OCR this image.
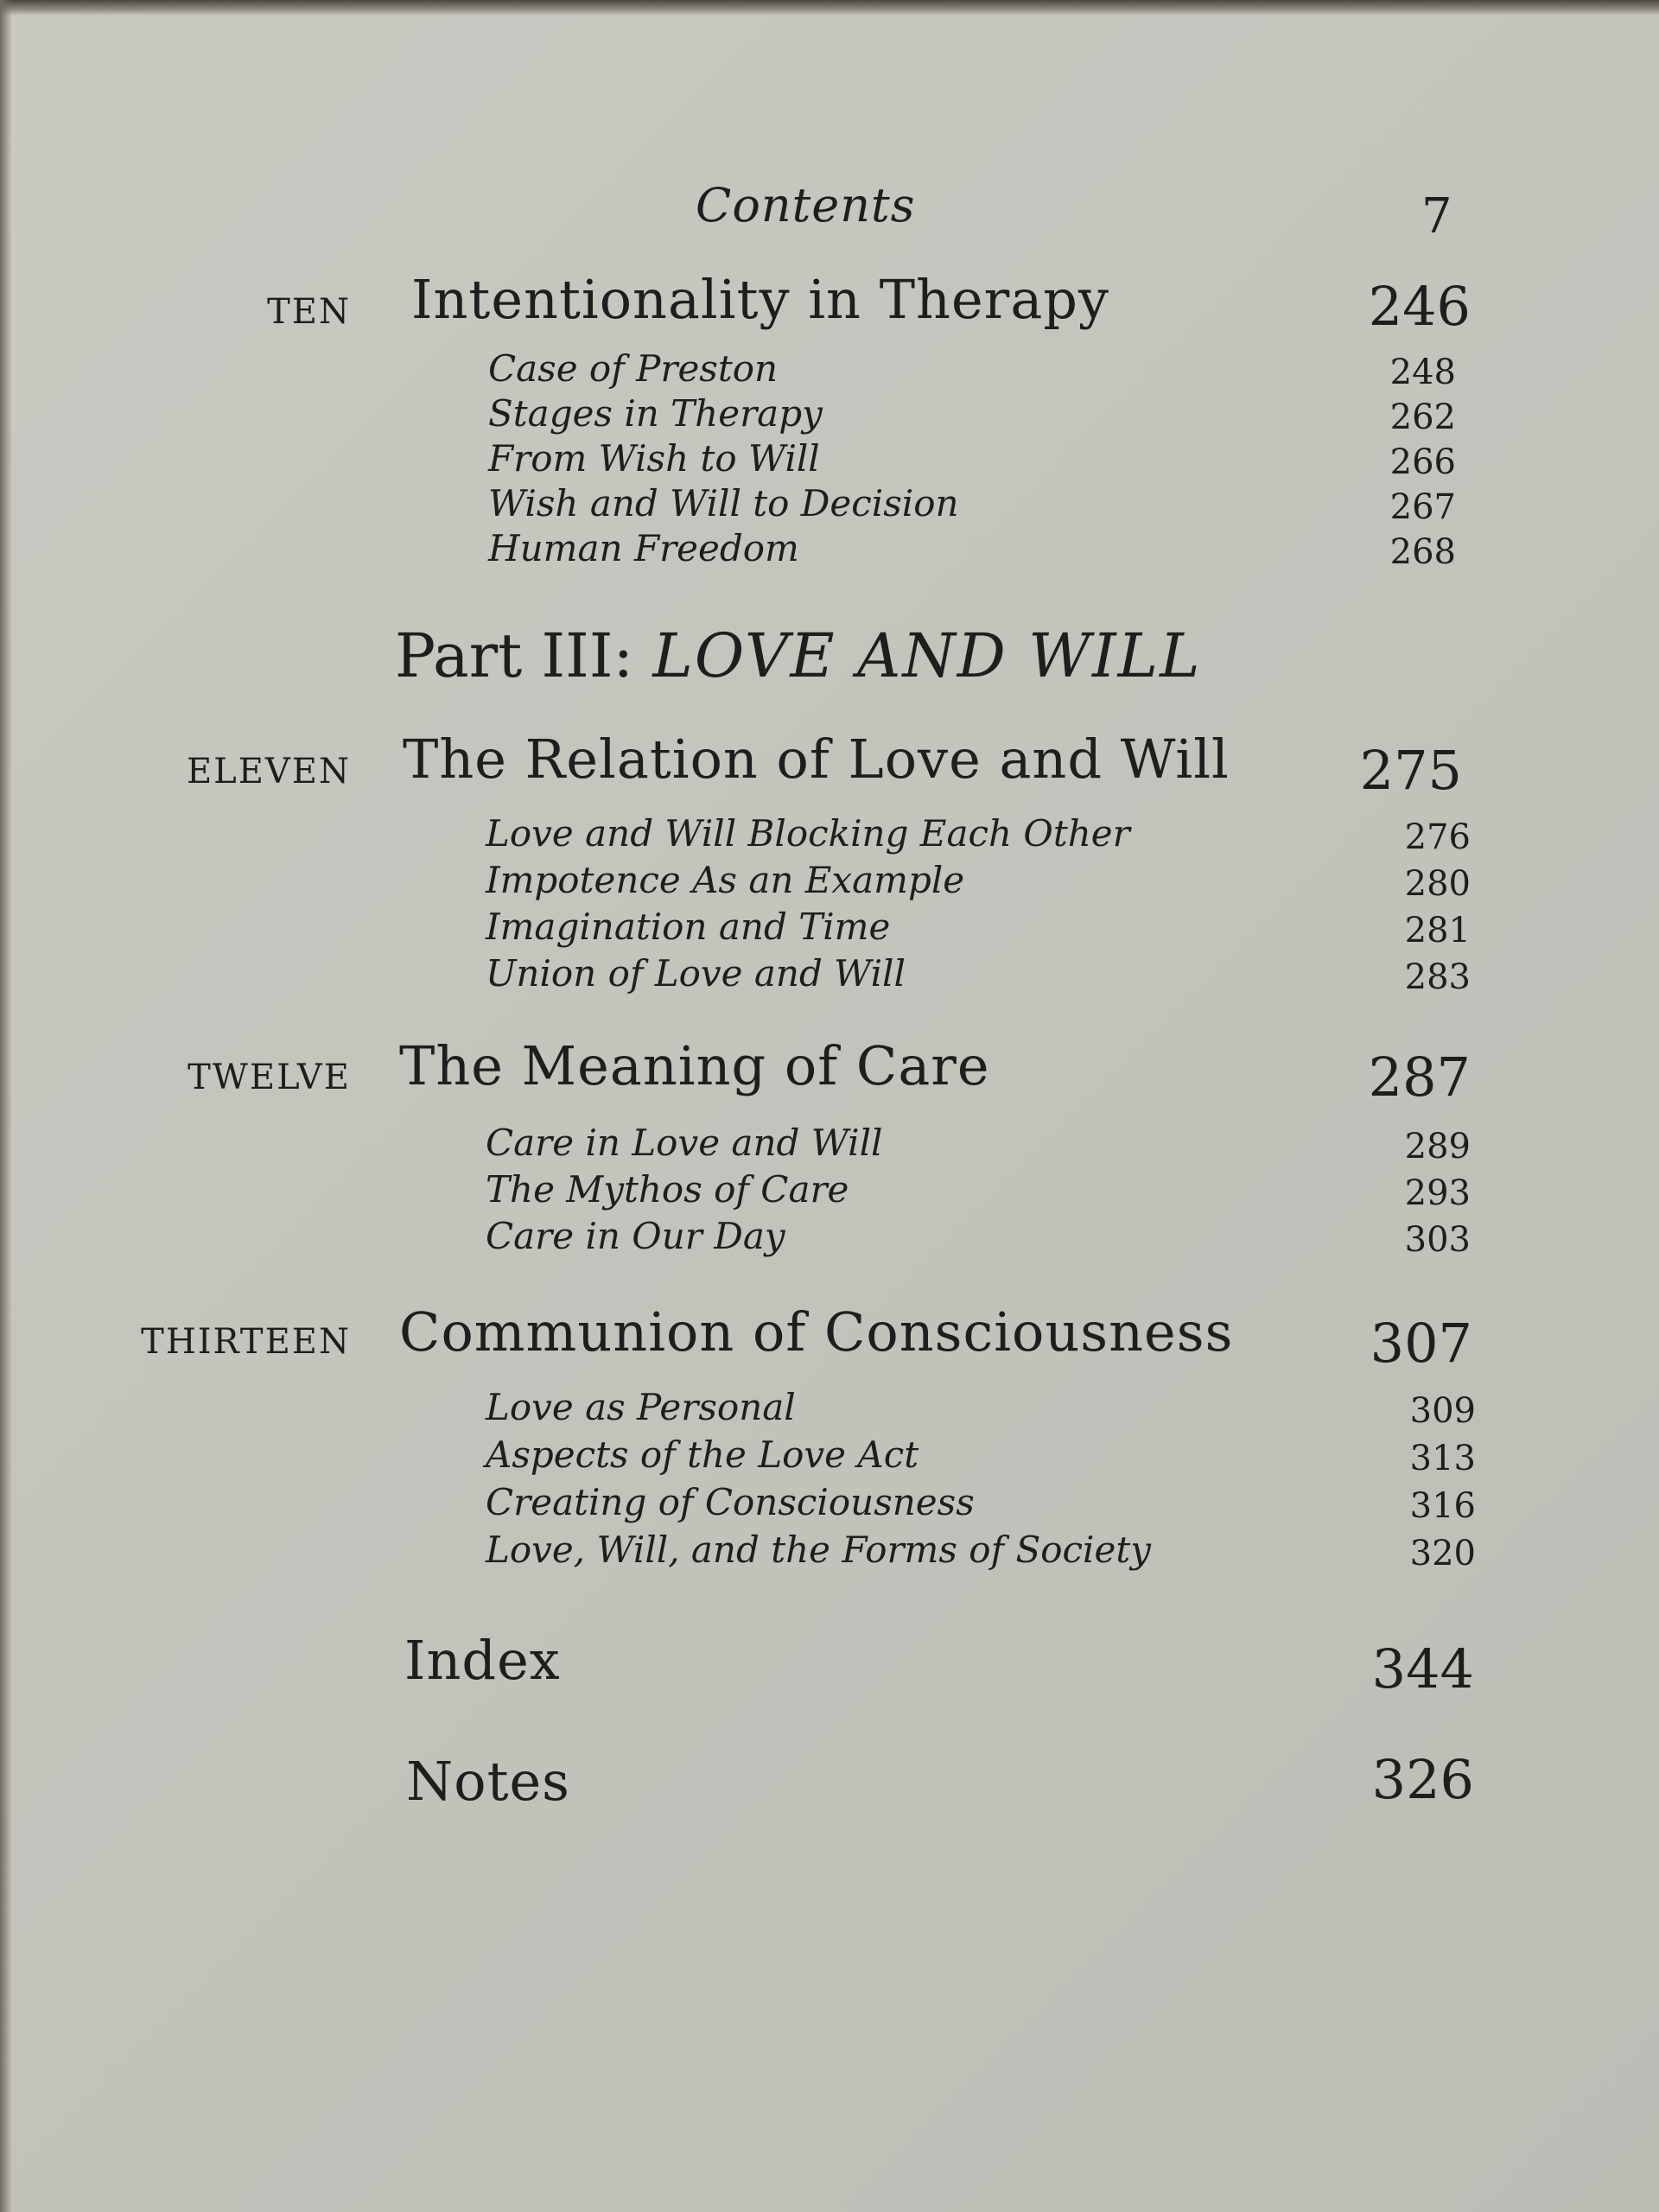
Contents	7
TEN Intentionality in Therapy	246
Case of Preston	248
Stages in Therapy	262
From Wish to Will	266
Wish and Will to Decision	267
Human Freedom	268
Part III: LOVE AND WILL
ELEVEN The Relation of Love and Will 275
Love and Will Blocking Each Other	276
Impotence As an Example	280
Imagination and Time	281
Union of Love and Will	283
TWELVE The Meaning of Care	287
Care in Love and Will	289
The Mythos of Care	293
Care in Our Day	303
THIRTEEN Communion of Consciousness	307
Love as Personal	309
Aspects of the Love Act	313
Creating of Consciousness	316
Love, Will, and the Forms of Society	320
Index	344
Notes	326
